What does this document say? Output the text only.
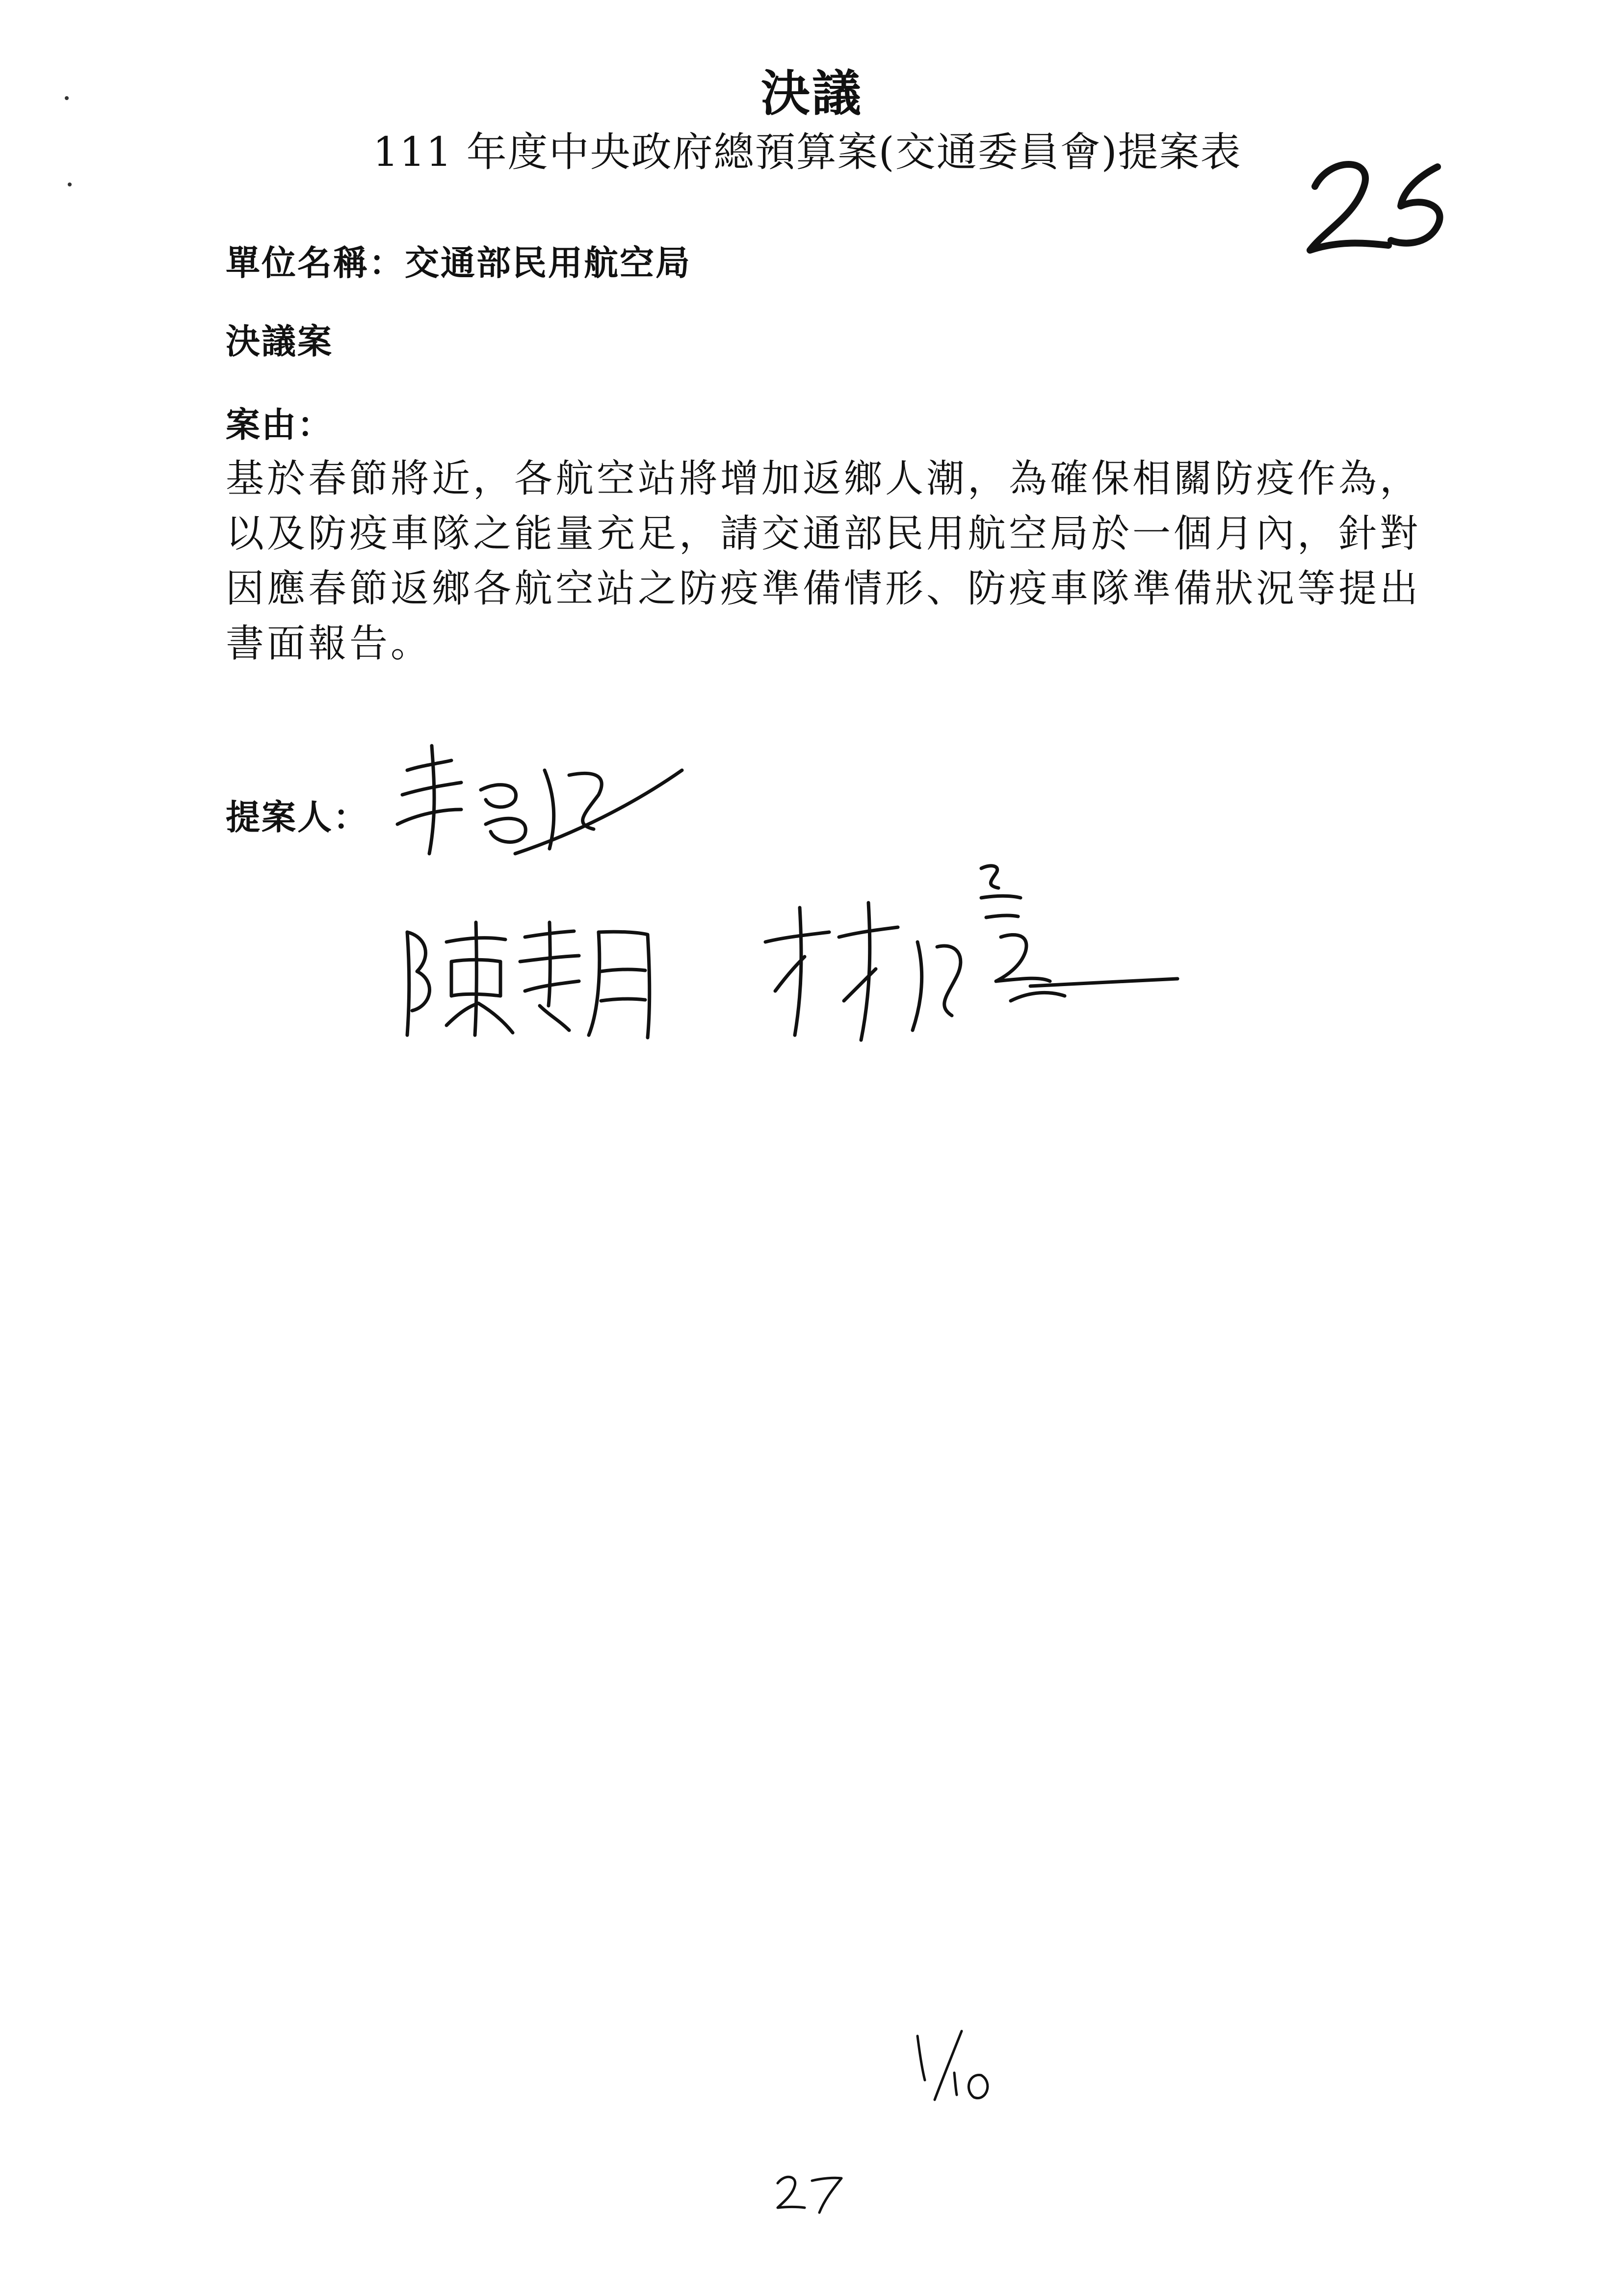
決議
111 年度中央政府總預算案(交通委員會)提案表
單位名稱：交通部民用航空局
決議案
案由：
基於春節將近，各航空站將增加返鄉人潮，為確保相關防疫作為，以及防疫車隊之能量充足，請交通部民用航空局於一個月內，針對因應春節返鄉各航空站之防疫準備情形、防疫車隊準備狀況等提出書面報告。
提案人：
